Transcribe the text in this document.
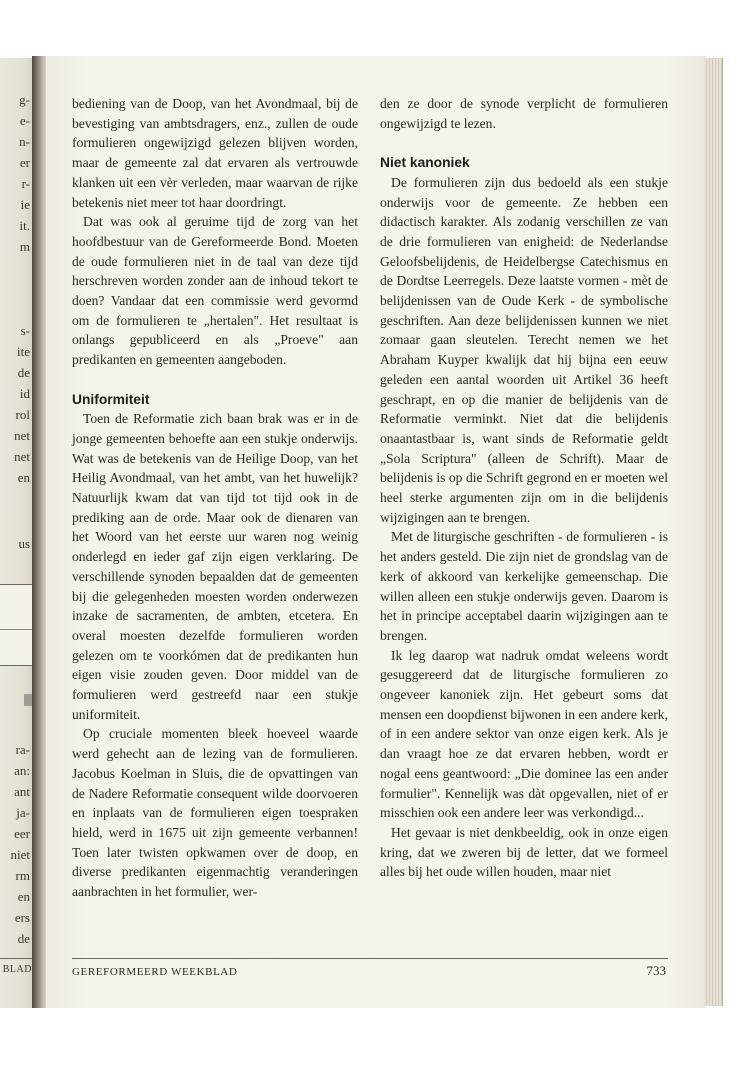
g-
e-
n-
er
r-
ie
it.
m
s-
ite
de
id
rol
net
net
en
us
ra-
an:
ant
ja-
eer
niet
rm
en
ers
de
BLAD

bediening van de Doop, van het Avondmaal, bij de bevestiging van ambtsdragers, enz., zullen de oude formulieren ongewijzigd gelezen blijven worden, maar de gemeente zal dat ervaren als vertrouwde klanken uit een vèr verleden, maar waarvan de rijke betekenis niet meer tot haar doordringt.

Dat was ook al geruime tijd de zorg van het hoofdbestuur van de Gereformeerde Bond. Moeten de oude formulieren niet in de taal van deze tijd herschreven worden zonder aan de inhoud tekort te doen? Vandaar dat een commissie werd gevormd om de formulieren te „hertalen". Het resultaat is onlangs gepubliceerd en als „Proeve" aan predikanten en gemeenten aangeboden.

Uniformiteit

Toen de Reformatie zich baan brak was er in de jonge gemeenten behoefte aan een stukje onderwijs. Wat was de betekenis van de Heilige Doop, van het Heilig Avondmaal, van het ambt, van het huwelijk? Natuurlijk kwam dat van tijd tot tijd ook in de prediking aan de orde. Maar ook de dienaren van het Woord van het eerste uur waren nog weinig onderlegd en ieder gaf zijn eigen verklaring. De verschillende synoden bepaalden dat de gemeenten bij die gelegenheden moesten worden onderwezen inzake de sacramenten, de ambten, etcetera. En overal moesten dezelfde formulieren worden gelezen om te voorkómen dat de predikanten hun eigen visie zouden geven. Door middel van de formulieren werd gestreefd naar een stukje uniformiteit.

Op cruciale momenten bleek hoeveel waarde werd gehecht aan de lezing van de formulieren. Jacobus Koelman in Sluis, die de opvattingen van de Nadere Reformatie consequent wilde doorvoeren en inplaats van de formulieren eigen toespraken hield, werd in 1675 uit zijn gemeente verbannen! Toen later twisten opkwamen over de doop, en diverse predikanten eigenmachtig veranderingen aanbrachten in het formulier, wer-

den ze door de synode verplicht de formulieren ongewijzigd te lezen.

Niet kanoniek

De formulieren zijn dus bedoeld als een stukje onderwijs voor de gemeente. Ze hebben een didactisch karakter. Als zodanig verschillen ze van de drie formulieren van enigheid: de Nederlandse Geloofsbelijdenis, de Heidelbergse Catechismus en de Dordtse Leerregels. Deze laatste vormen - mèt de belijdenissen van de Oude Kerk - de symbolische geschriften. Aan deze belijdenissen kunnen we niet zomaar gaan sleutelen. Terecht nemen we het Abraham Kuyper kwalijk dat hij bijna een eeuw geleden een aantal woorden uit Artikel 36 heeft geschrapt, en op die manier de belijdenis van de Reformatie verminkt. Niet dat die belijdenis onaantastbaar is, want sinds de Reformatie geldt „Sola Scriptura" (alleen de Schrift). Maar de belijdenis is op die Schrift gegrond en er moeten wel heel sterke argumenten zijn om in die belijdenis wijzigingen aan te brengen.

Met de liturgische geschriften - de formulieren - is het anders gesteld. Die zijn niet de grondslag van de kerk of akkoord van kerkelijke gemeenschap. Die willen alleen een stukje onderwijs geven. Daarom is het in principe acceptabel daarin wijzigingen aan te brengen.

Ik leg daarop wat nadruk omdat weleens wordt gesuggereerd dat de liturgische formulieren zo ongeveer kanoniek zijn. Het gebeurt soms dat mensen een doopdienst bijwonen in een andere kerk, of in een andere sektor van onze eigen kerk. Als je dan vraagt hoe ze dat ervaren hebben, wordt er nogal eens geantwoord: „Die dominee las een ander formulier". Kennelijk was dàt opgevallen, niet of er misschien ook een andere leer was verkondigd...

Het gevaar is niet denkbeeldig, ook in onze eigen kring, dat we zweren bij de letter, dat we formeel alles bij het oude willen houden, maar niet

GEREFORMEERD WEEKBLAD	733
